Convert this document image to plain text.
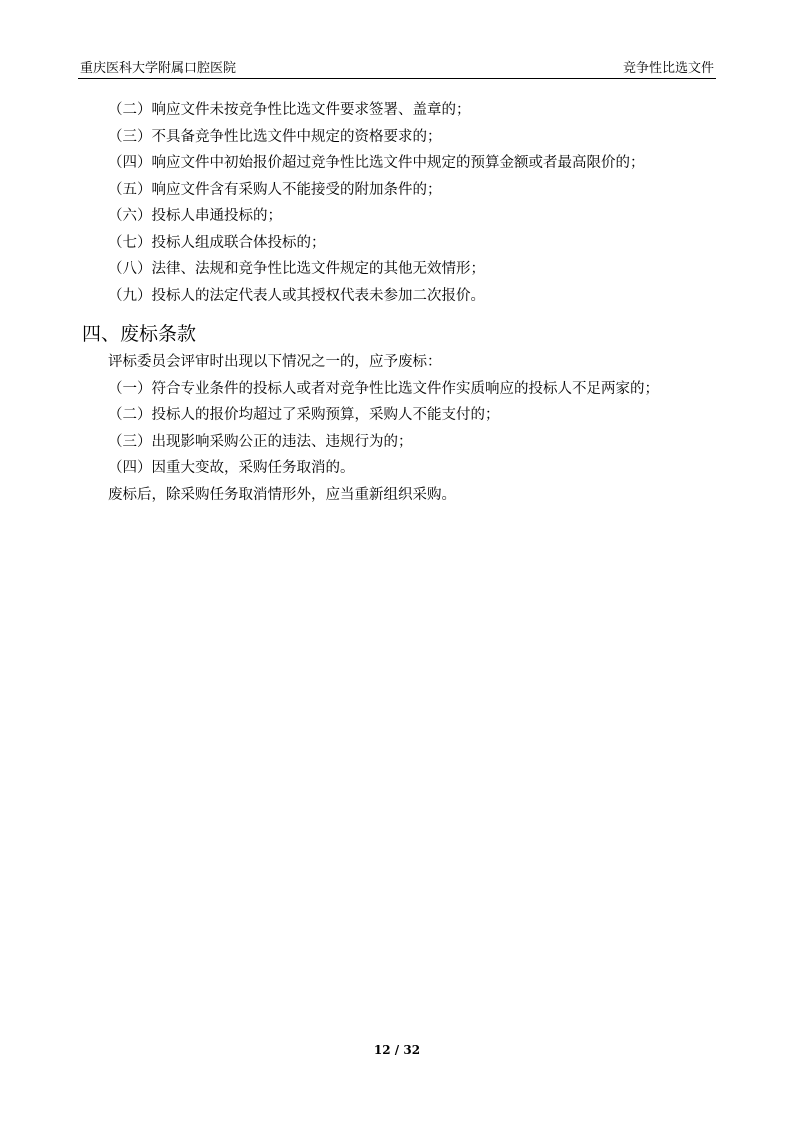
重庆医科大学附属口腔医院	竞争性比选文件
（二）响应文件未按竞争性比选文件要求签署、盖章的；
（三）不具备竞争性比选文件中规定的资格要求的；
（四）响应文件中初始报价超过竞争性比选文件中规定的预算金额或者最高限价的；
（五）响应文件含有采购人不能接受的附加条件的；
（六）投标人串通投标的；
（七）投标人组成联合体投标的；
（八）法律、法规和竞争性比选文件规定的其他无效情形；
（九）投标人的法定代表人或其授权代表未参加二次报价。
四、废标条款
评标委员会评审时出现以下情况之一的，应予废标：
（一）符合专业条件的投标人或者对竞争性比选文件作实质响应的投标人不足两家的；
（二）投标人的报价均超过了采购预算，采购人不能支付的；
（三）出现影响采购公正的违法、违规行为的；
（四）因重大变故，采购任务取消的。
废标后，除采购任务取消情形外，应当重新组织采购。
12 / 32
